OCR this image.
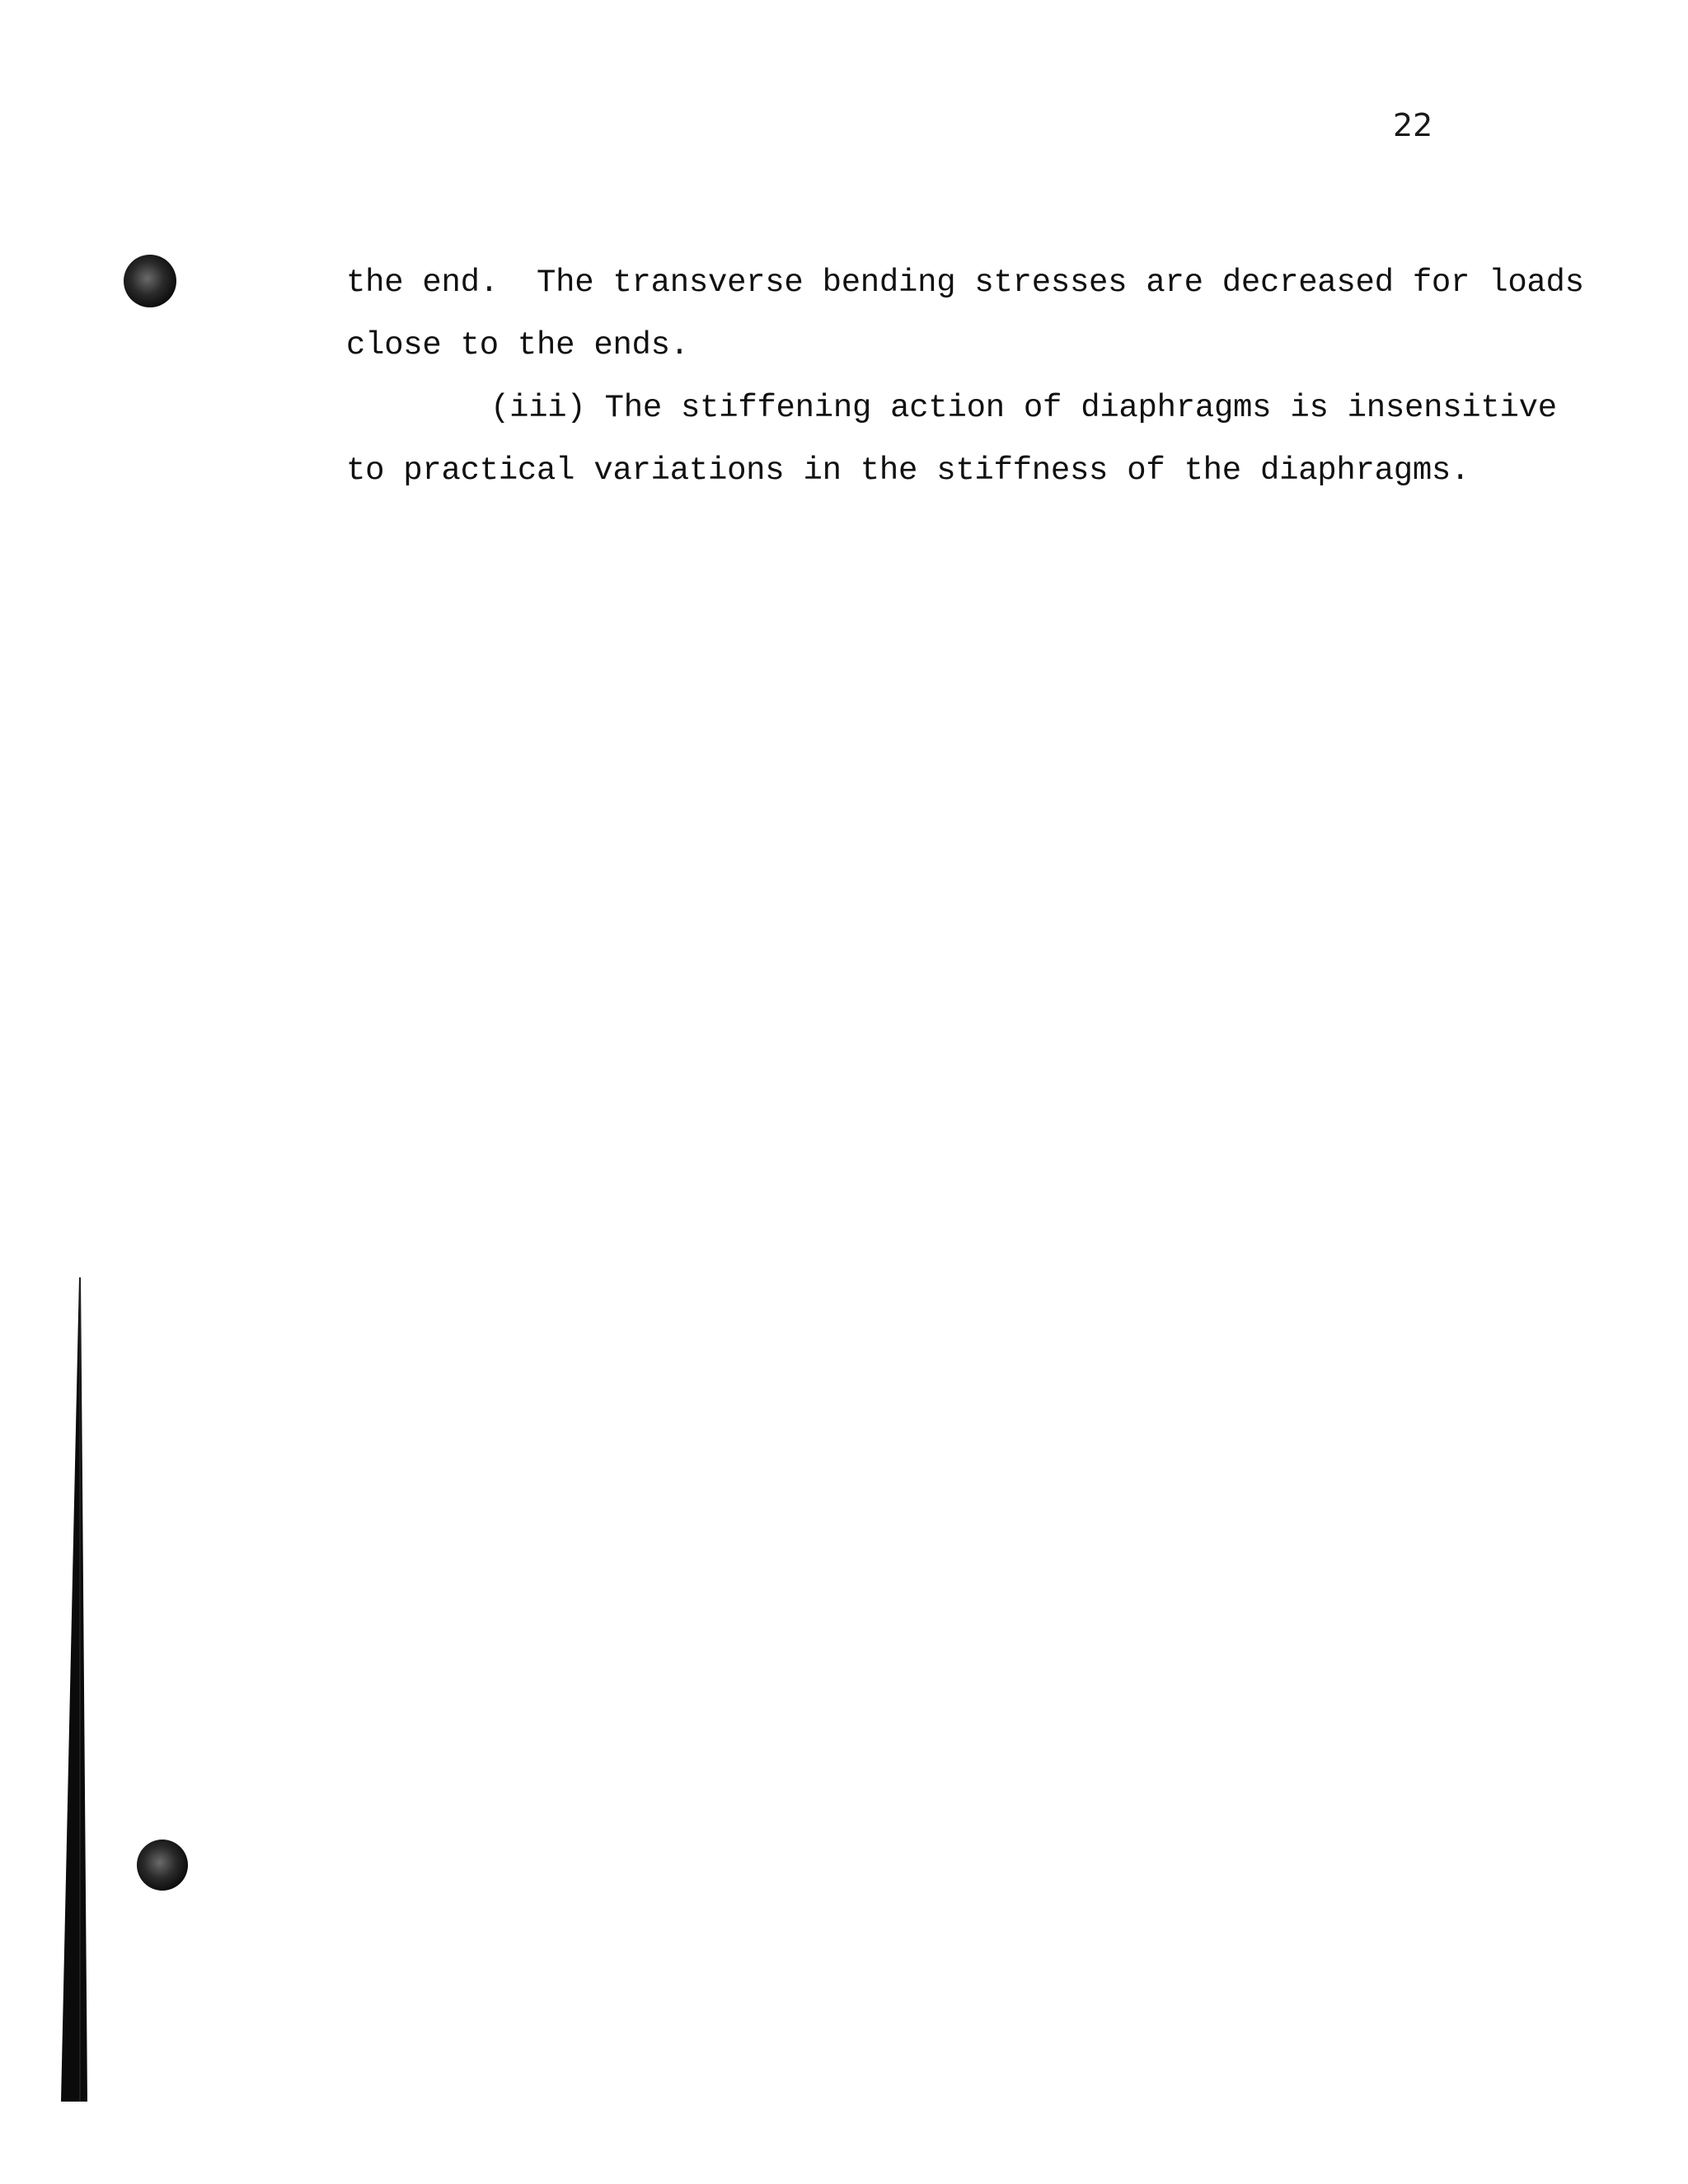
22
the end.  The transverse bending stresses are decreased for loads
close to the ends.
(iii) The stiffening action of diaphragms is insensitive
to practical variations in the stiffness of the diaphragms.
